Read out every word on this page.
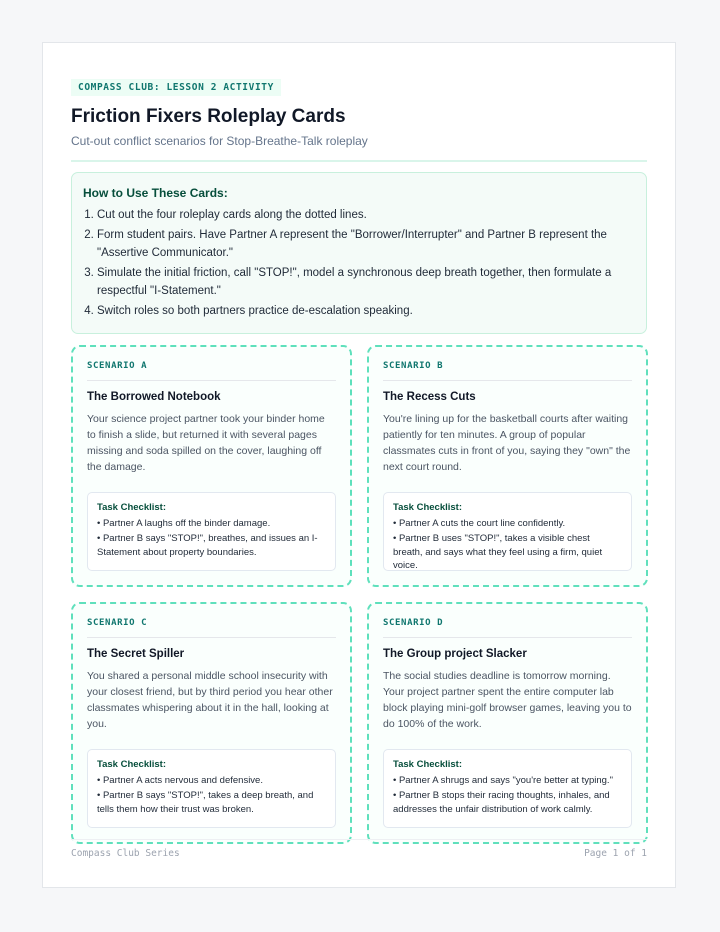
COMPASS CLUB: LESSON 2 ACTIVITY
Friction Fixers Roleplay Cards
Cut-out conflict scenarios for Stop-Breathe-Talk roleplay
How to Use These Cards:
1. Cut out the four roleplay cards along the dotted lines.
2. Form student pairs. Have Partner A represent the "Borrower/Interrupter" and Partner B represent the "Assertive Communicator."
3. Simulate the initial friction, call "STOP!", model a synchronous deep breath together, then formulate a respectful "I-Statement."
4. Switch roles so both partners practice de-escalation speaking.
SCENARIO A
The Borrowed Notebook
Your science project partner took your binder home to finish a slide, but returned it with several pages missing and soda spilled on the cover, laughing off the damage.
Task Checklist:
• Partner A laughs off the binder damage.
• Partner B says "STOP!", breathes, and issues an I-Statement about property boundaries.
SCENARIO B
The Recess Cuts
You're lining up for the basketball courts after waiting patiently for ten minutes. A group of popular classmates cuts in front of you, saying they "own" the next court round.
Task Checklist:
• Partner A cuts the court line confidently.
• Partner B uses "STOP!", takes a visible chest breath, and says what they feel using a firm, quiet voice.
SCENARIO C
The Secret Spiller
You shared a personal middle school insecurity with your closest friend, but by third period you hear other classmates whispering about it in the hall, looking at you.
Task Checklist:
• Partner A acts nervous and defensive.
• Partner B says "STOP!", takes a deep breath, and tells them how their trust was broken.
SCENARIO D
The Group project Slacker
The social studies deadline is tomorrow morning. Your project partner spent the entire computer lab block playing mini-golf browser games, leaving you to do 100% of the work.
Task Checklist:
• Partner A shrugs and says "you're better at typing."
• Partner B stops their racing thoughts, inhales, and addresses the unfair distribution of work calmly.
Compass Club Series	Page 1 of 1
